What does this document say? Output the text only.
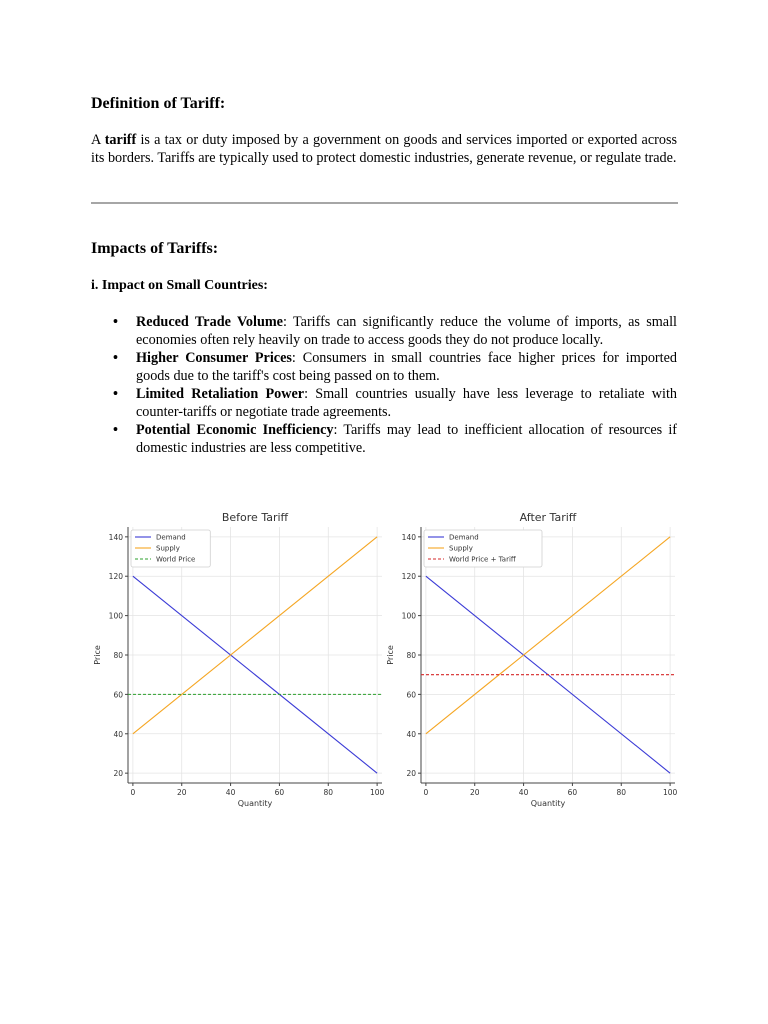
Definition of Tariff:

A tariff is a tax or duty imposed by a government on goods and services imported or exported across its borders. Tariffs are typically used to protect domestic industries, generate revenue, or regulate trade.

Impacts of Tariffs:
i. Impact on Small Countries:
• Reduced Trade Volume: Tariffs can significantly reduce the volume of imports, as small economies often rely heavily on trade to access goods they do not produce locally.
• Higher Consumer Prices: Consumers in small countries face higher prices for imported goods due to the tariff's cost being passed on to them.
• Limited Retaliation Power: Small countries usually have less leverage to retaliate with counter-tariffs or negotiate trade agreements.
• Potential Economic Inefficiency: Tariffs may lead to inefficient allocation of resources if domestic industries are less competitive.
Before Tariff
0	20	40	60	80	100
20
40
60
80
100
120
140
Quantity
Price
Demand
Supply
World Price
After Tariff
0	20	40	60	80	100
20
40
60
80
100
120
140
Quantity
Price
Demand
Supply
World Price + Tariff
